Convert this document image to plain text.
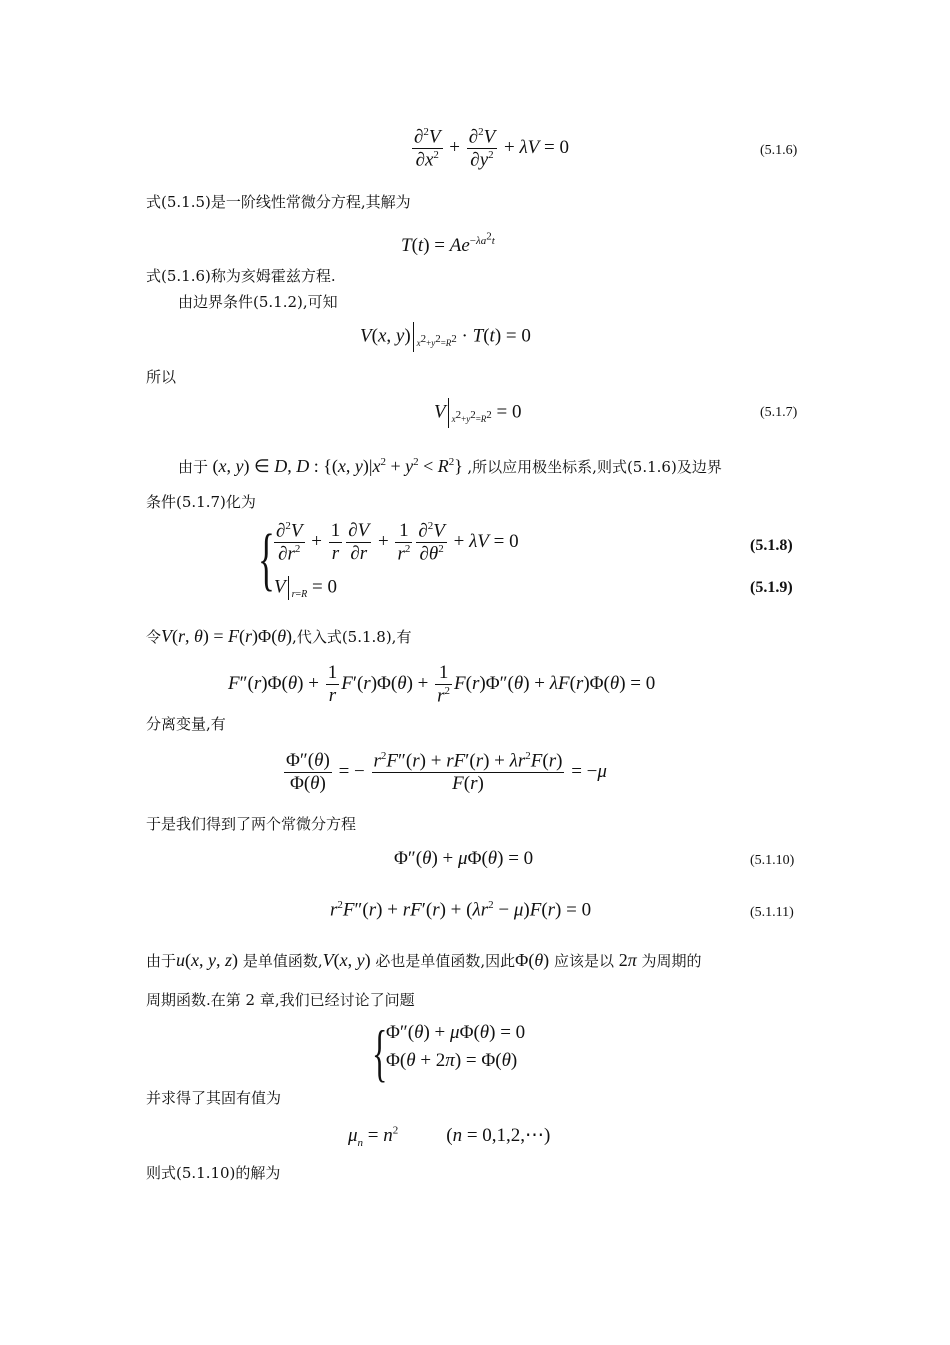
$\frac{\partial^2V}{\partial x^2} + \frac{\partial^2V}{\partial y^2} + \lambda V = 0$	(5.1.6)
式(5.1.5)是一阶线性常微分方程,其解为
$T(t) = Ae^{-\lambda a^2t}$
式(5.1.6)称为亥姆霍兹方程.
由边界条件(5.1.2),可知
V(x, y) $_{x^2+y^2=R^2}$ · T(t) = 0
所以
V $_{x^2+y^2=R^2}$ = 0	(5.1.7)
由于 (x, y) ∈ D, D : {(x, $y)|x^2 + y^2 < R^2$} ,所以应用极坐标系,则式(5.1.6)及边界
条件(5.1.7)化为
{ $\frac{\partial^2V}{\partial r^2} + \frac{1}{r} \frac{\partial V}{\partial r} + \frac{1}{r^2} \frac{\partial^2V}{\partial\theta^2} + \lambda V = 0$	(5.1.8)
V $_{r=R}$ = 0	(5.1.9)
令V(r, θ) = F(r)Φ(θ),代入式(5.1.8),有
$F''(r)\Phi(\theta) + \frac{1}{r} F'(r)\Phi(\theta) + \frac{1}{r^2} F(r)\Phi''(\theta) + \lambda F(r)\Phi(\theta) = 0$
分离变量,有
$\frac{\Phi''(\theta)}{\Phi(\theta)}$ = − $\frac{r^2F''(r) + rF'(r) + \lambda r^2F(r)}{F(r)} = -\mu$
于是我们得到了两个常微分方程
Φ″(θ) + μΦ(θ) = 0	(5.1.10)
$r^2F''(r) + rF'(r) + (\lambda r^2 - \mu)F(r) = 0$	(5.1.11)
由于u(x, y, z) 是单值函数,V(x, y) 必也是单值函数,因此Φ(θ) 应该是以 2π 为周期的
周期函数.在第 2 章,我们已经讨论了问题
{
Φ″(θ) + μΦ(θ) = 0
Φ(θ + 2π) = Φ(θ)
并求得了其固有值为
$\mu_n = n^2$	(n = 0,1,2,⋯)
则式(5.1.10)的解为
